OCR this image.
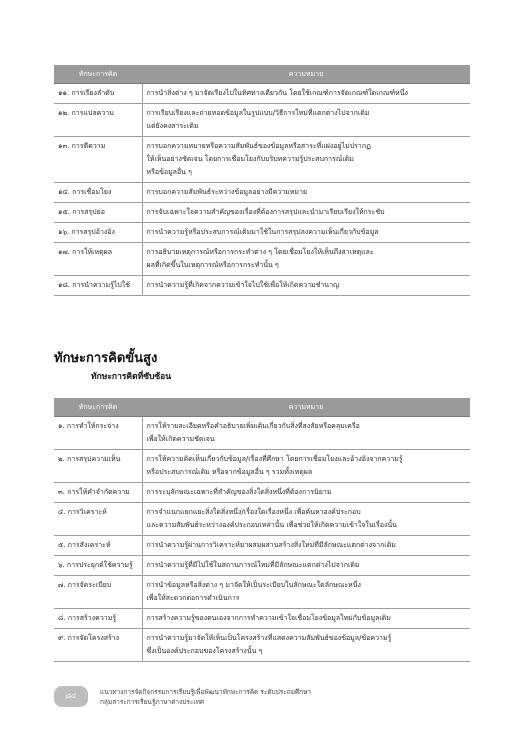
ทักษะการคิด	ความหมาย
๑๑. การเรียงลำดับ	การนำสิ่งต่าง ๆ มาจัดเรียงไปในทิศทางเดียวกัน โดยใช้เกณฑ์การจัดเกณฑ์ใดเกณฑ์หนึ่ง
๑๒. การแปลความ	การเรียบเรียงและถ่ายทอดข้อมูลในรูปแบบ/วิธีการใหม่ที่แตกต่างไปจากเดิม
แต่ยังคงสาระเดิม
๑๓. การตีความ	การบอกความหมายหรือความสัมพันธ์ของข้อมูลหรือสาระที่แฝงอยู่ไม่ปรากฏ
ให้เห็นอย่างชัดเจน โดยการเชื่อมโยงกับบริบทความรู้ประสบการณ์เดิม
หรือข้อมูลอื่น ๆ
๑๔. การเชื่อมโยง	การบอกความสัมพันธ์ระหว่างข้อมูลอย่างมีความหมาย
๑๕. การสรุปย่อ	การจับเฉพาะใจความสำคัญของเรื่องที่ต้องการสรุปและนำมาเรียบเรียงให้กระชับ
๑๖. การสรุปอ้างอิง	การนำความรู้หรือประสบการณ์เดิมมาใช้ในการสรุปลงความเห็นเกี่ยวกับข้อมูล
๑๗. การให้เหตุผล	การอธิบายเหตุการณ์หรือการกระทำต่าง ๆ โดยเชื่อมโยงให้เห็นถึงสาเหตุและ
ผลที่เกิดขึ้นในเหตุการณ์หรือการกระทำนั้น ๆ
๑๘. การนำความรู้ไปใช้	การนำความรู้ที่เกิดจากความเข้าใจไปใช้เพื่อให้เกิดความชำนาญ
ทักษะการคิดขั้นสูง
ทักษะการคิดที่ซับซ้อน
ทักษะการคิด	ความหมาย
๑. การทำให้กระจ่าง	การให้รายละเอียดหรือคำอธิบายเพิ่มเติมเกี่ยวกับสิ่งที่สงสัยหรือคลุมเครือ
เพื่อให้เกิดความชัดเจน
๒. การสรุปความเห็น	การให้ความคิดเห็นเกี่ยวกับข้อมูล/เรื่องที่ศึกษา โดยการเชื่อมโยงและอ้างอิงจากความรู้
หรือประสบการณ์เดิม หรือจากข้อมูลอื่น ๆ รวมทั้งเหตุผล
๓. การให้คำจำกัดความ	การระบุลักษณะเฉพาะที่สำคัญของสิ่งใดสิ่งหนึ่งที่ต้องการนิยาม
๔. การวิเคราะห์	การจำแนกแยกแยะสิ่งใดสิ่งหนึ่ง/เรื่องใดเรื่องหนึ่ง เพื่อค้นหาองค์ประกอบ
และความสัมพันธ์ระหว่างองค์ประกอบเหล่านั้น เพื่อช่วยให้เกิดความเข้าใจในเรื่องนั้น
๕. การสังเคราะห์	การนำความรู้ผ่านการวิเคราะห์มาผสมผสานสร้างสิ่งใหม่ที่มีลักษณะแตกต่างจากเดิม
๖. การประยุกต์ใช้ความรู้	การนำความรู้ที่มีไปใช้ในสถานการณ์ใหม่ที่มีลักษณะแตกต่างไปจากเดิม
๗. การจัดระเบียบ	การนำข้อมูลหรือสิ่งต่าง ๆ มาจัดให้เป็นระเบียบในลักษณะใดลักษณะหนึ่ง
เพื่อให้สะดวกต่อการดำเนินการ
๘. การสร้างความรู้	การสร้างความรู้ของตนเองจากการทำความเข้าใจเชื่อมโยงข้อมูลใหม่กับข้อมูลเดิม
๙. การจัดโครงสร้าง	การนำความรู้มาจัดให้เห็นเป็นโครงสร้างที่แสดงความสัมพันธ์ของข้อมูล/ข้อความรู้
ซึ่งเป็นองค์ประกอบของโครงสร้างนั้น ๆ
๘๔	แนวทางการจัดกิจกรรมการเรียนรู้เพื่อพัฒนาทักษะการคิด ระดับประถมศึกษา
กลุ่มสาระการเรียนรู้ภาษาต่างประเทศ
